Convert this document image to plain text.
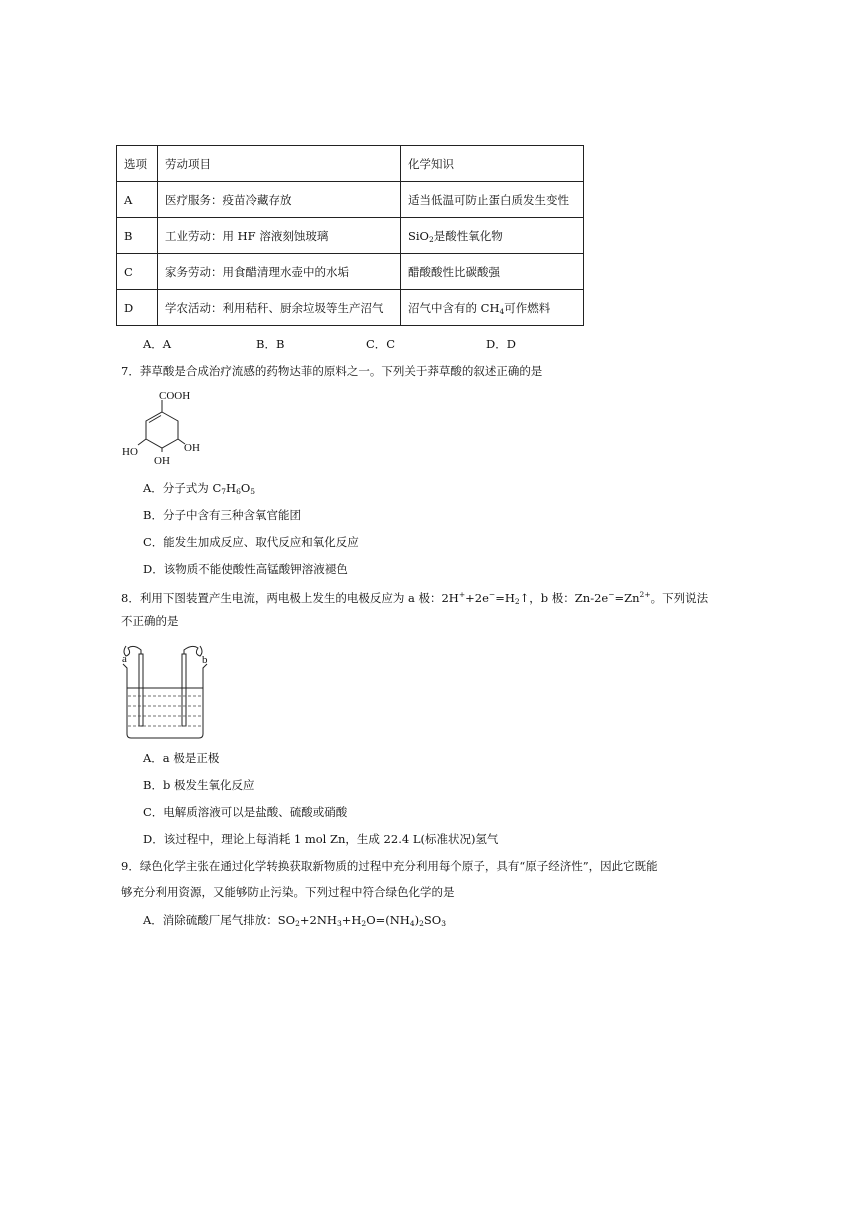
选项	劳动项目	化学知识
A	医疗服务：疫苗冷藏存放	适当低温可防止蛋白质发生变性
B	工业劳动：用 HF 溶液刻蚀玻璃	SiO$_2$是酸性氧化物
C	家务劳动：用食醋清理水壶中的水垢	醋酸酸性比碳酸强
D	学农活动：利用秸秆、厨余垃圾等生产沼气	沼气中含有的 $CH_4$可作燃料
A．A	B．B	C．C	D．D
7．莽草酸是合成治疗流感的药物达菲的原料之一。下列关于莽草酸的叙述正确的是
COOH
HO
OH
OH
A．分子式为 $C_7H_6O_5$
B．分子中含有三种含氧官能团
C．能发生加成反应、取代反应和氧化反应
D．该物质不能使酸性高锰酸钾溶液褪色
8．利用下图装置产生电流，两电极上发生的电极反应为 a 极：$2H^++2e^-=H_2↑$，b 极：$Zn-2e^-=Zn^{2+}$。下列说法
不正确的是
a	b
A．a 极是正极
B．b 极发生氧化反应
C．电解质溶液可以是盐酸、硫酸或硝酸
D．该过程中，理论上每消耗 1 mol Zn，生成 22.4 L(标准状况)氢气
9．绿色化学主张在通过化学转换获取新物质的过程中充分利用每个原子，具有“原子经济性”，因此它既能
够充分利用资源，又能够防止污染。下列过程中符合绿色化学的是
A．消除硫酸厂尾气排放：$SO_2+2NH_3+H_2O=(NH_4)_2SO_3$
